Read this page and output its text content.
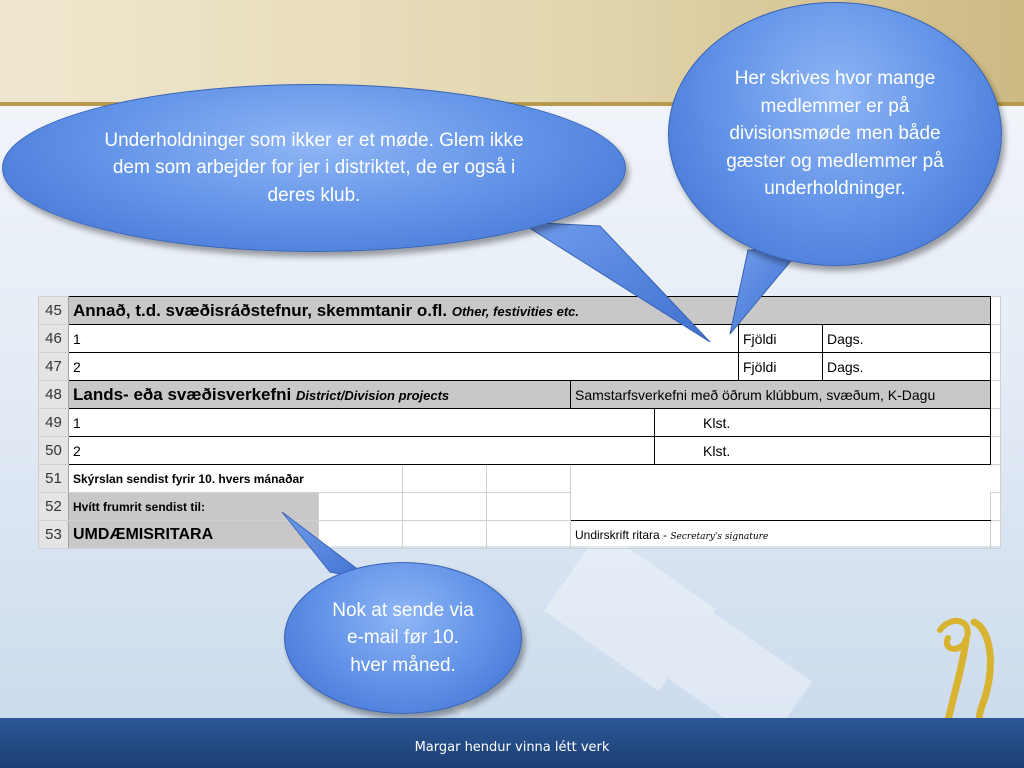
45	Annað, t.d. svæðisráðstefnur, skemmtanir o.fl. Other, festivities etc.									
46	1						Fjöldi	Dags.		
47	2						Fjöldi	Dags.		
48	Lands- eða svæðisverkefni District/Division projects				Samstarfsverkefni með öðrum klúbbum, svæðum, K-Dagu					
49	1					Klst.				
50	2					Klst.				
51	Skýrslan sendist fyrir 10. hvers mánaðar									
52	Hvítt frumrit sendist til:									
53	UMDÆMISRITARA				Undirskrift ritara - Secretary's signature					
Underholdninger som ikker er et møde. Glem ikke dem som arbejder for jer i distriktet, de er også i deres klub.
Her skrives hvor mange medlemmer er på divisionsmøde men både gæster og medlemmer på underholdninger.
Nok at sende via e-mail før 10. hver måned.
Margar hendur vinna létt verk
